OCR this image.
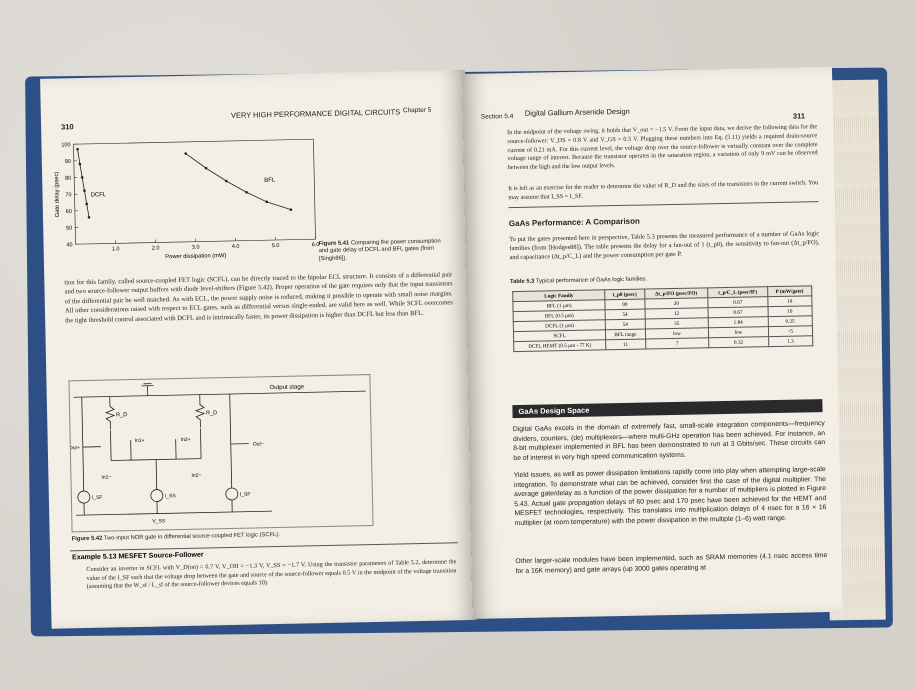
310
VERY HIGH PERFORMANCE DIGITAL CIRCUITS Chapter 5
40
50
60
70
80
90
100
1.0	2.0	3.0	4.0	5.0	6.0
Power dissipation (mW)
Gate delay (psec)	DCFL
BFL
Figure 5.41 Comparing the power consumption and gate delay of DCFL and BFL gates (from [Singh86]).
tion for this family, called source-coupled FET logic (SCFL), can be directly traced to the bipolar ECL structure. It consists of a differential pair and two source-follower output buffers with diode level-shifters (Figure 5.42). Proper operation of the gate requires only that the input transistors of the differential pair be well matched. As with ECL, the power supply noise is reduced, making it possible to operate with small noise margins. All other considerations raised with respect to ECL gates, such as differential versus single-ended, are valid here as well. While SCFL overcomes the tight threshold control associated with DCFL and is intrinsically faster, its power dissipation is higher than DCFL but less than BFL.
Output stage
R_D	R_D
In1+	In2+
In1−	In2−
Out+
Out−
I_SF	I_SS	I_SF
V_SS
Figure 5.42 Two-input NOR gate in differential source-coupled FET logic (SCFL).
Example 5.13 MESFET Source-Follower
Consider an inverter in SCFL with V_D(on) = 0.7 V, V_OH = −1.3 V, V_SS = −1.7 V. Using the transistor parameters of Table 5.2, determine the value of the I_SF such that the voltage drop between the gate and source of the source-follower equals 0.5 V in the midpoint of the voltage transition (assuming that the W_sf / L_sf of the source-follower devices equals 10).
Section 5.4 Digital Gallium Arsenide Design	311
In the midpoint of the voltage swing, it holds that V_out = −1.5 V. From the input data, we derive the following data for the source-follower: V_DS = 0.8 V and V_GS = 0.5 V. Plugging these numbers into Eq. (5.11) yields a required drain-source current of 0.21 mA. For this current level, the voltage drop over the source-follower is virtually constant over the complete voltage range of interest. Because the transistor operates in the saturation region, a variation of only 9 mV can be observed between the high and the low output levels.
It is left as an exercise for the reader to determine the value of R_D and the sizes of the transistors in the current switch. You may assume that I_SS = I_SF.
GaAs Performance: A Comparison
To put the gates presented here in perspective, Table 5.3 presents the measured performance of a number of GaAs logic families (from [Hodges88]). The table presents the delay for a fan-out of 1 (t_p0), the sensitivity to fan-out (Δt_p/FO), and capacitance (Δt_p/C_L) and the power consumption per gate P.
Table 5.3 Typical performance of GaAs logic families.
Logic Family	t_p0 (psec)	Δt_p/FO (psec/FO)	t_p/C_L (psec/fF)	P (mW/gate)
BFL (1 µm)	90	20	0.67	10
BFL (0.5 µm)	54	12	0.67	10
DCFL (1 µm)	54	35	1.84	0.25
SCFL	BFL range	low	low	~5
DCFL HEMT (0.5 µm - 77 K)	11	7	0.32	1.3
GaAs Design Space
Digital GaAs excels in the domain of extremely fast, small-scale integration components—frequency dividers, counters, (de) multiplexers—where multi-GHz operation has been achieved. For instance, an 8-bit multiplexer implemented in BFL has been demonstrated to run at 3 Gbits/sec. These circuits can be of interest in very high speed communication systems.
Yield issues, as well as power dissipation limitations rapidly come into play when attempting large-scale integration. To demonstrate what can be achieved, consider first the case of the digital multiplier. The average gate/delay as a function of the power dissipation for a number of multipliers is plotted in Figure 5.43. Actual gate propagation delays of 60 psec and 170 psec have been achieved for the HEMT and MESFET technologies, respectively. This translates into multiplication delays of 4 nsec for a 16 × 16 multiplier (at room temperature) with the power dissipation in the multiple (1–6) watt range.
Other larger-scale modules have been implemented, such as SRAM memories (4.1 nsec access time for a 16K memory) and gate arrays (up 3000 gates operating at
